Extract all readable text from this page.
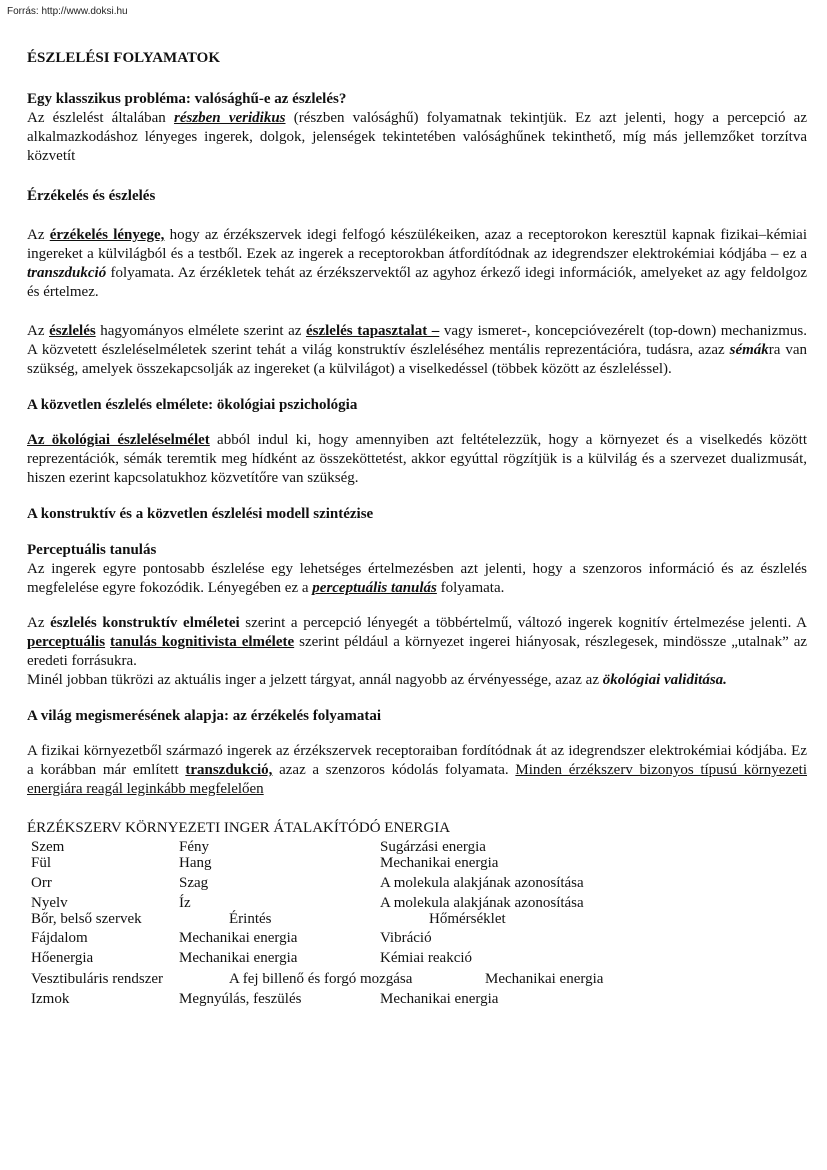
Forrás: http://www.doksi.hu
ÉSZLELÉSI FOLYAMATOK
Egy klasszikus probléma: valósághű-e az észlelés?

Az észlelést általában részben veridikus (részben valósághű) folyamatnak tekintjük. Ez azt jelenti, hogy a percepció az alkalmazkodáshoz lényeges ingerek, dolgok, jelenségek tekintetében valósághűnek tekinthető, míg más jellemzőket torzítva közvetít

Érzékelés és észlelés

Az érzékelés lényege, hogy az érzékszervek idegi felfogó készülékeiken, azaz a receptorokon keresztül kapnak fizikai–kémiai ingereket a külvilágból és a testből. Ezek az ingerek a receptorokban átfordítódnak az idegrendszer elektrokémiai kódjába – ez a transzdukció folyamata. Az érzékletek tehát az érzékszervektől az agyhoz érkező idegi információk, amelyeket az agy feldolgoz és értelmez.

Az észlelés hagyományos elmélete szerint az észlelés tapasztalat – vagy ismeret-, koncepcióvezérelt (top-down) mechanizmus. A közvetett észleléselméletek szerint tehát a világ konstruktív észleléséhez mentális reprezentációra, tudásra, azaz sémákra van szükség, amelyek összekapcsolják az ingereket (a külvilágot) a viselkedéssel (többek között az észleléssel).

A közvetlen észlelés elmélete: ökológiai pszichológia

Az ökológiai észleléselmélet abból indul ki, hogy amennyiben azt feltételezzük, hogy a környezet és a viselkedés között reprezentációk, sémák teremtik meg hídként az összeköttetést, akkor egyúttal rögzítjük is a külvilág és a szervezet dualizmusát, hiszen ezerint kapcsolatukhoz közvetítőre van szükség.

A konstruktív és a közvetlen észlelési modell szintézise
Perceptuális tanulás

Az ingerek egyre pontosabb észlelése egy lehetséges értelmezésben azt jelenti, hogy a szenzoros információ és az észlelés megfelelése egyre fokozódik. Lényegében ez a perceptuális tanulás folyamata.

Az észlelés konstruktív elméletei szerint a percepció lényegét a többértelmű, változó ingerek kognitív értelmezése jelenti. A perceptuális tanulás kognitivista elmélete szerint például a környezet ingerei hiányosak, részlegesek, mindössze „utalnak” az eredeti forrásukra.

Minél jobban tükrözi az aktuális inger a jelzett tárgyat, annál nagyobb az érvényessége, azaz az ökológiai validitása.

A világ megismerésének alapja: az érzékelés folyamatai

A fizikai környezetből származó ingerek az érzékszervek receptoraiban fordítódnak át az idegrendszer elektrokémiai kódjába. Ez a korábban már említett transzdukció, azaz a szenzoros kódolás folyamata. Minden érzékszerv bizonyos típusú környezeti energiára reagál leginkább megfelelően

ÉRZÉKSZERV KÖRNYEZETI INGER ÁTALAKÍTÓDÓ ENERGIA
Szem	Fény	Sugárzási energia
Fül	Hang	Mechanikai energia
Orr	Szag	A molekula alakjának azonosítása
Nyelv	Íz	A molekula alakjának azonosítása
Bőr, belső szervek	Érintés	Hőmérséklet
Fájdalom	Mechanikai energia	Vibráció
Hőenergia	Mechanikai energia	Kémiai reakció
Vesztibuláris rendszer	A fej billenő és forgó mozgása	Mechanikai energia
Izmok	Megnyúlás, feszülés	Mechanikai energia
